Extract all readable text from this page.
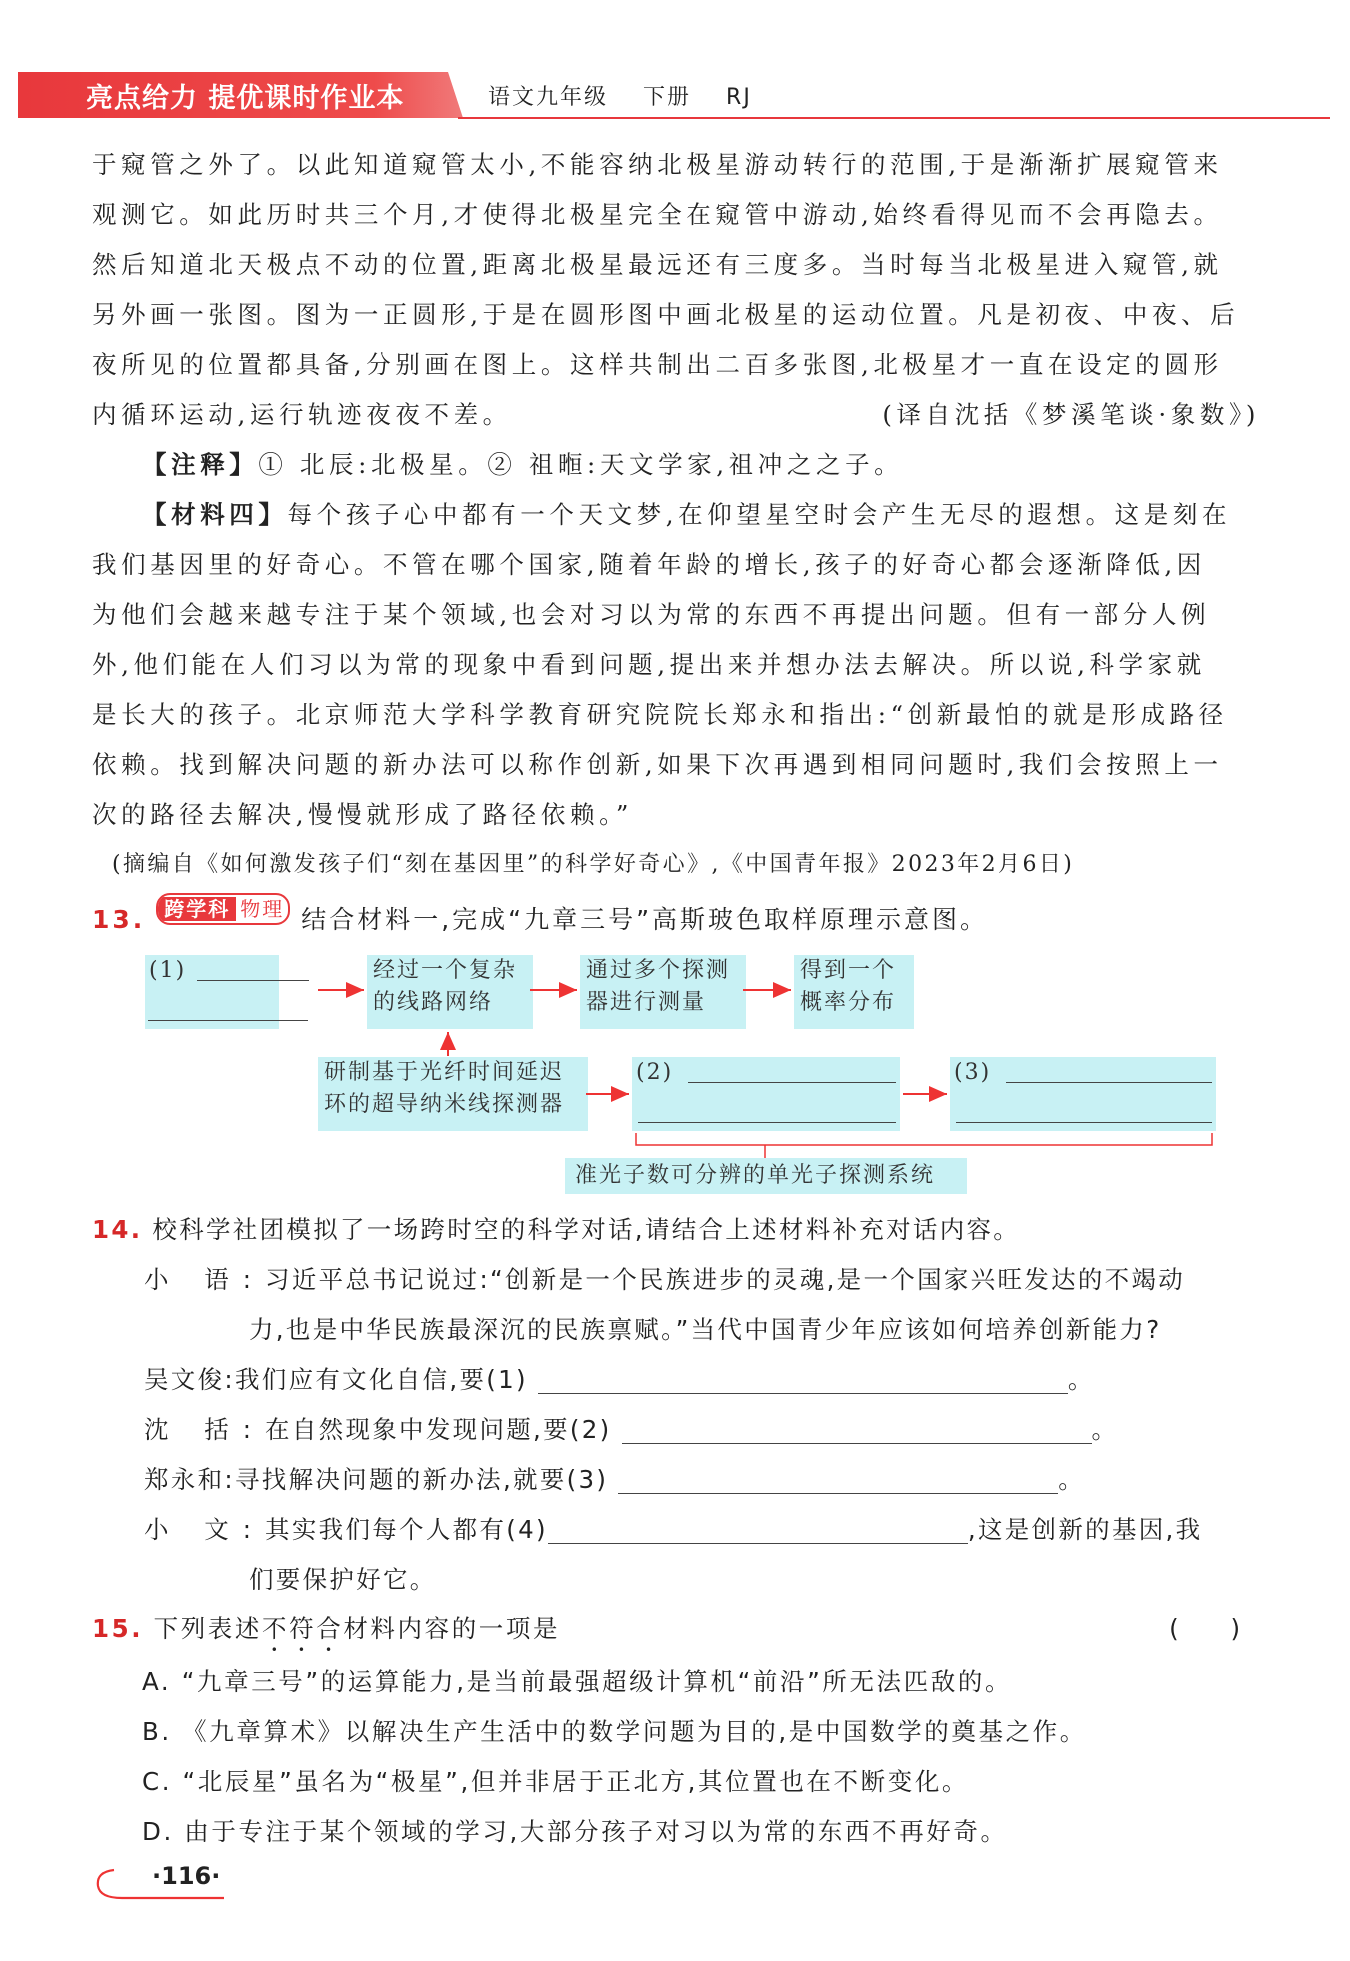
亮点给力 提优课时作业本	语文九年级 下册 RJ
于窥管之外了。以此知道窥管太小,不能容纳北极星游动转行的范围,于是渐渐扩展窥管来
观测它。如此历时共三个月,才使得北极星完全在窥管中游动,始终看得见而不会再隐去。
然后知道北天极点不动的位置,距离北极星最远还有三度多。当时每当北极星进入窥管,就
另外画一张图。图为一正圆形,于是在圆形图中画北极星的运动位置。凡是初夜、中夜、后
夜所见的位置都具备,分别画在图上。这样共制出二百多张图,北极星才一直在设定的圆形
内循环运动,运行轨迹夜夜不差。	(译自沈括《梦溪笔谈·象数》)
【注释】① 北辰:北极星。② 祖暅:天文学家,祖冲之之子。
【材料四】每个孩子心中都有一个天文梦,在仰望星空时会产生无尽的遐想。这是刻在
我们基因里的好奇心。不管在哪个国家,随着年龄的增长,孩子的好奇心都会逐渐降低,因
为他们会越来越专注于某个领域,也会对习以为常的东西不再提出问题。但有一部分人例
外,他们能在人们习以为常的现象中看到问题,提出来并想办法去解决。所以说,科学家就
是长大的孩子。北京师范大学科学教育研究院院长郑永和指出:“创新最怕的就是形成路径
依赖。找到解决问题的新办法可以称作创新,如果下次再遇到相同问题时,我们会按照上一
次的路径去解决,慢慢就形成了路径依赖。”
(摘编自《如何激发孩子们“刻在基因里”的科学好奇心》,《中国青年报》2023年2月6日)
13. 跨学科 物理 结合材料一,完成“九章三号”高斯玻色取样原理示意图。
(1)	经过一个复杂
的线路网络
通过多个探测
器进行测量
得到一个
概率分布
研制基于光纤时间延迟
环的超导纳米线探测器
(2)	(3)
准光子数可分辨的单光子探测系统
14. 校科学社团模拟了一场跨时空的科学对话,请结合上述材料补充对话内容。
小 语:习近平总书记说过:“创新是一个民族进步的灵魂,是一个国家兴旺发达的不竭动
力,也是中华民族最深沉的民族禀赋。”当代中国青少年应该如何培养创新能力?
吴文俊:我们应有文化自信,要(1)	。
沈 括:在自然现象中发现问题,要(2)	。
郑永和:寻找解决问题的新办法,就要(3)	。
小 文:其实我们每个人都有(4)	,这是创新的基因,我
们要保护好它。
15. 下列表述不符合材料内容的一项是	( )
A. “九章三号”的运算能力,是当前最强超级计算机“前沿”所无法匹敌的。
B. 《九章算术》以解决生产生活中的数学问题为目的,是中国数学的奠基之作。
C. “北辰星”虽名为“极星”,但并非居于正北方,其位置也在不断变化。
D. 由于专注于某个领域的学习,大部分孩子对习以为常的东西不再好奇。
·116·
